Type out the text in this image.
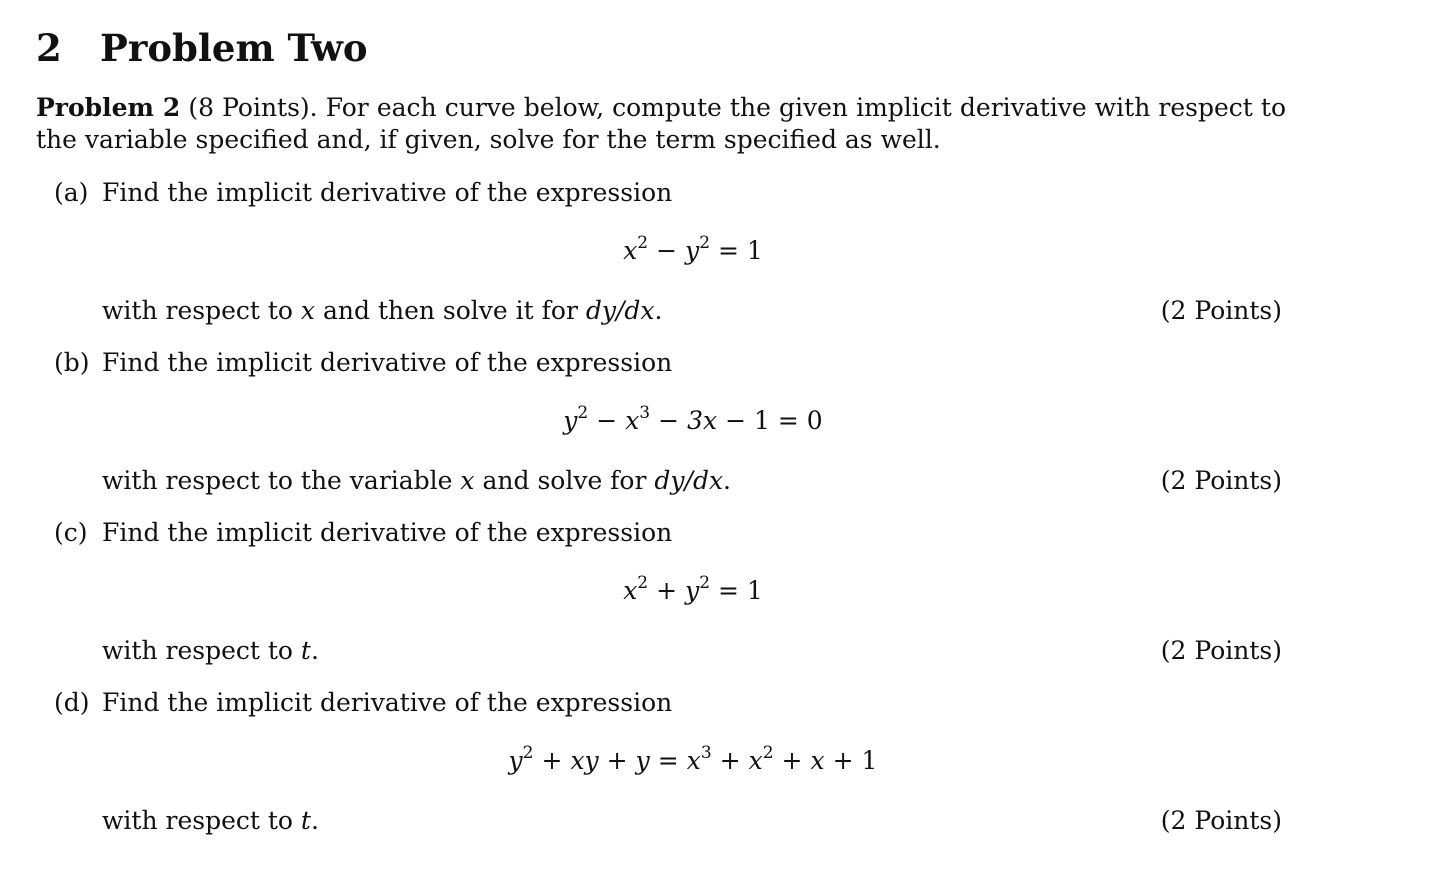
2 Problem Two
Problem 2 (8 Points). For each curve below, compute the given implicit derivative with respect to the variable specified and, if given, solve for the term specified as well.
(a) Find the implicit derivative of the expression
$x^2 - y^2 = 1$
with respect to x and then solve it for dy/dx.	(2 Points)
(b) Find the implicit derivative of the expression
$y^2 - x^3 - 3x - 1 = 0$
with respect to the variable x and solve for dy/dx.	(2 Points)
(c) Find the implicit derivative of the expression
$x^2 + y^2 = 1$
with respect to t.	(2 Points)
(d) Find the implicit derivative of the expression
$y^2$ + xy + $y = x^3 + x^2 + x + 1$
with respect to t.	(2 Points)
